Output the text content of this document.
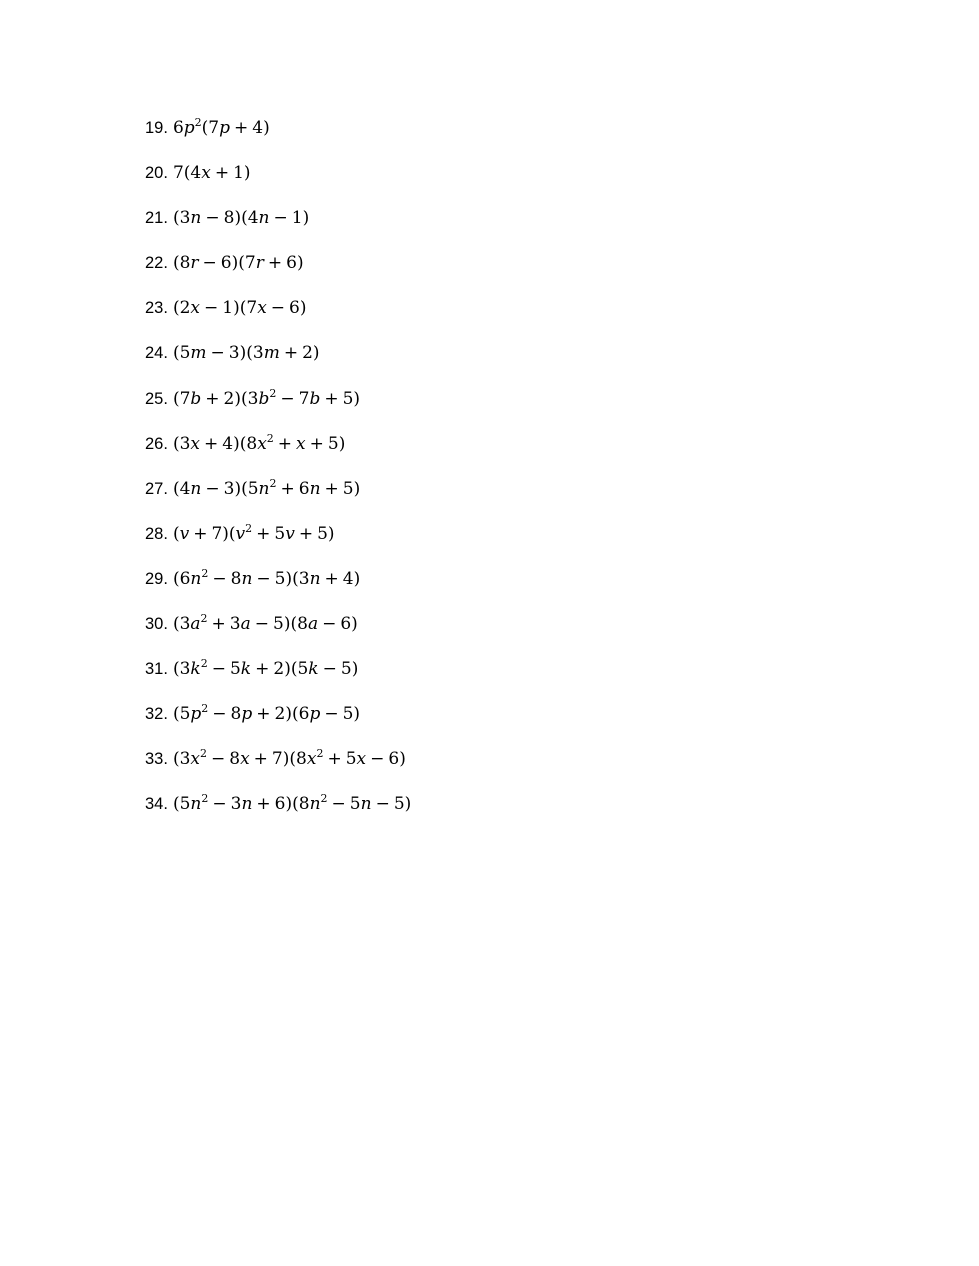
19. $6p^2(7p + 4)$
20. 7(4x + 1)
21. (3n − 8)(4n − 1)
22. (8r − 6)(7r + 6)
23. (2x − 1)(7x − 6)
24. (5m − 3)(3m + 2)
25. $(7b + 2)(3b^2 - 7b + 5)$
26. $(3x + 4)(8x^2 + x + 5)$
27. $(4n - 3)(5n^2 + 6n + 5)$
28. $(v + 7)(v^2 + 5v + 5)$
29. $(6n^2 - 8n - 5)(3n + 4)$
30. $(3a^2 + 3a - 5)(8a - 6)$
31. $(3k^2 - 5k + 2)(5k - 5)$
32. $(5p^2 - 8p + 2)(6p - 5)$
33. $(3x^2 - 8x + 7)(8x^2 + 5x - 6)$
34. $(5n^2 - 3n + 6)(8n^2 - 5n - 5)$
